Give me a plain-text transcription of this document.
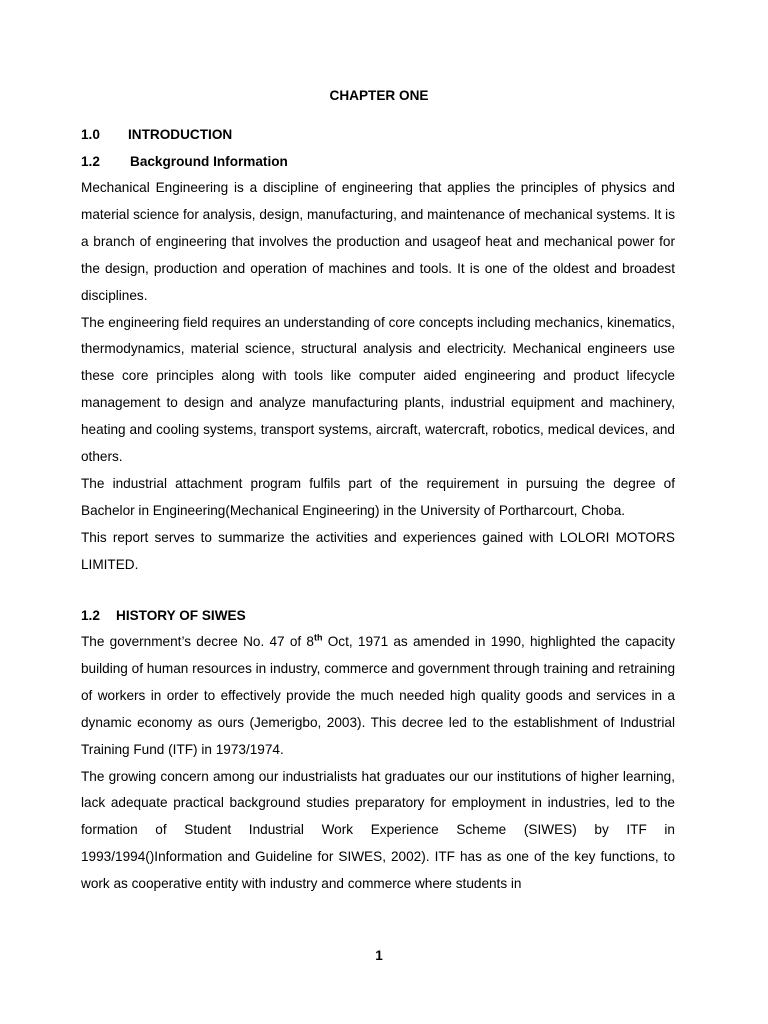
CHAPTER ONE
1.0 INTRODUCTION
1.2 Background Information

Mechanical Engineering is a discipline of engineering that applies the principles of physics and material science for analysis, design, manufacturing, and maintenance of mechanical systems. It is a branch of engineering that involves the production and usageof heat and mechanical power for the design, production and operation of machines and tools. It is one of the oldest and broadest disciplines.

The engineering field requires an understanding of core concepts including mechanics, kinematics, thermodynamics, material science, structural analysis and electricity. Mechanical engineers use these core principles along with tools like computer aided engineering and product lifecycle management to design and analyze manufacturing plants, industrial equipment and machinery, heating and cooling systems, transport systems, aircraft, watercraft, robotics, medical devices, and others.

The industrial attachment program fulfils part of the requirement in pursuing the degree of Bachelor in Engineering(Mechanical Engineering) in the University of Portharcourt, Choba.

This report serves to summarize the activities and experiences gained with LOLORI MOTORS LIMITED.

1.2 HISTORY OF SIWES

The government’s decree No. 47 of 8th Oct, 1971 as amended in 1990, highlighted the capacity building of human resources in industry, commerce and government through training and retraining of workers in order to effectively provide the much needed high quality goods and services in a dynamic economy as ours (Jemerigbo, 2003). This decree led to the establishment of Industrial Training Fund (ITF) in 1973/1974.

The growing concern among our industrialists hat graduates our our institutions of higher learning, lack adequate practical background studies preparatory for employment in industries, led to the formation of Student Industrial Work Experience Scheme (SIWES) by ITF in 1993/1994()Information and Guideline for SIWES, 2002). ITF has as one of the key functions, to work as cooperative entity with industry and commerce where students in

1
